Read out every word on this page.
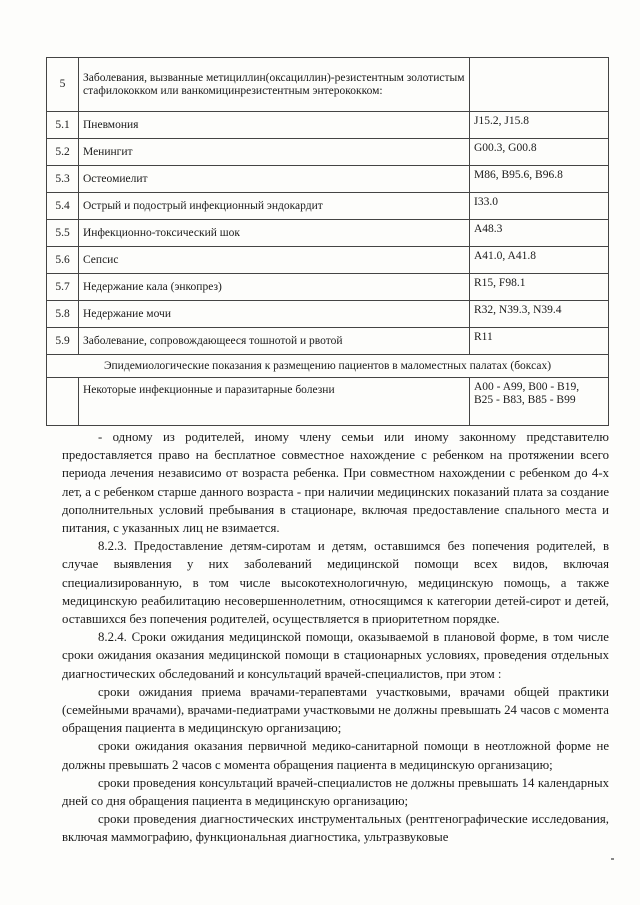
5	Заболевания, вызванные метициллин(оксациллин)-резистентным золотистым стафилококком или ванкомицинрезистентным энтерококком:	
5.1	Пневмония	J15.2, J15.8
5.2	Менингит	G00.3, G00.8
5.3	Остеомиелит	M86, B95.6, B96.8
5.4	Острый и подострый инфекционный эндокардит	I33.0
5.5	Инфекционно-токсический шок	A48.3
5.6	Сепсис	A41.0, A41.8
5.7	Недержание кала (энкопрез)	R15, F98.1
5.8	Недержание мочи	R32, N39.3, N39.4
5.9	Заболевание, сопровождающееся тошнотой и рвотой	R11
Эпидемиологические показания к размещению пациентов в маломестных палатах (боксах)		
	Некоторые инфекционные и паразитарные болезни	A00 - A99, B00 - B19,
B25 - B83, B85 - B99

- одному из родителей, иному члену семьи или иному законному представителю предоставляется право на бесплатное совместное нахождение с ребенком на протяжении всего периода лечения независимо от возраста ребенка. При совместном нахождении с ребенком до 4-х лет, а с ребенком старше данного возраста - при наличии медицинских показаний плата за создание дополнительных условий пребывания в стационаре, включая предоставление спального места и питания, с указанных лиц не взимается.

8.2.3. Предоставление детям-сиротам и детям, оставшимся без попечения родителей, в случае выявления у них заболеваний медицинской помощи всех видов, включая специализированную, в том числе высокотехнологичную, медицинскую помощь, а также медицинскую реабилитацию несовершеннолетним, относящимся к категории детей-сирот и детей, оставшихся без попечения родителей, осуществляется в приоритетном порядке.

8.2.4. Сроки ожидания медицинской помощи, оказываемой в плановой форме, в том числе сроки ожидания оказания медицинской помощи в стационарных условиях, проведения отдельных диагностических обследований и консультаций врачей-специалистов, при этом :

сроки ожидания приема врачами-терапевтами участковыми, врачами общей практики (семейными врачами), врачами-педиатрами участковыми не должны превышать 24 часов с момента обращения пациента в медицинскую организацию;

сроки ожидания оказания первичной медико-санитарной помощи в неотложной форме не должны превышать 2 часов с момента обращения пациента в медицинскую организацию;

сроки проведения консультаций врачей-специалистов не должны превышать 14 календарных дней со дня обращения пациента в медицинскую организацию;

сроки проведения диагностических инструментальных (рентгенографические исследования, включая маммографию, функциональная диагностика, ультразвуковые
